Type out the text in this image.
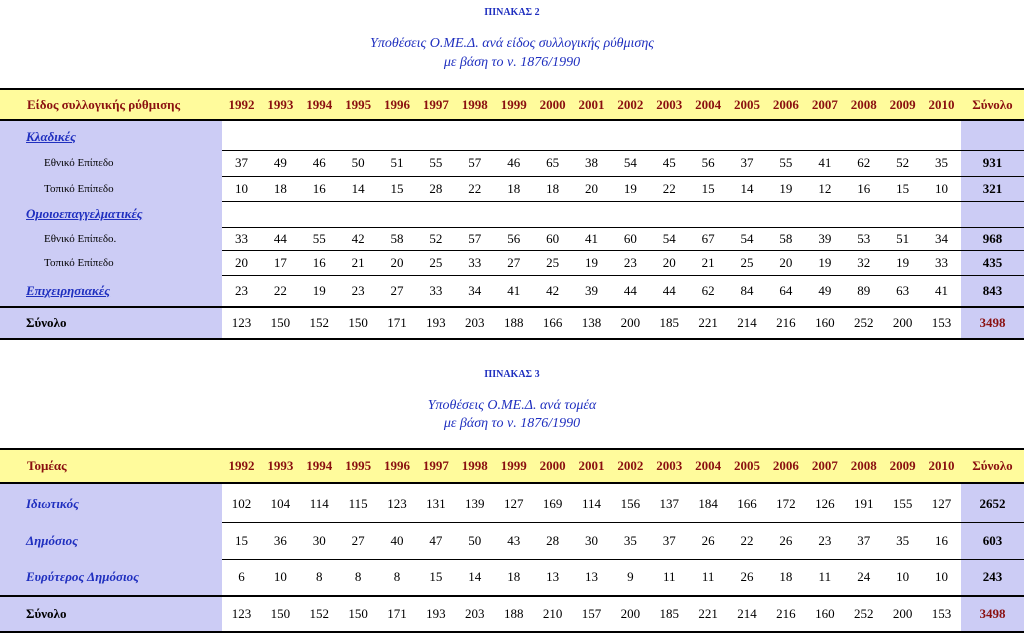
ΠΙΝΑΚΑΣ 2
Υποθέσεις Ο.ΜΕ.Δ. ανά είδος συλλογικής ρύθμισης
με βάση το ν. 1876/1990
Είδος συλλογικής ρύθμισης	1992	1993	1994	1995	1996	1997	1998	1999	2000	2001	2002	2003	2004	2005	2006	2007	2008	2009	2010	Σύνολο

Κλαδικές																				
Εθνικό Επίπεδο	37	49	46	50	51	55	57	46	65	38	54	45	56	37	55	41	62	52	35	931
Τοπικό Επίπεδο	10	18	16	14	15	28	22	18	18	20	19	22	15	14	19	12	16	15	10	321
Ομοιοεπαγγελματικές																				
Εθνικό Επίπεδο.	33	44	55	42	58	52	57	56	60	41	60	54	67	54	58	39	53	51	34	968
Τοπικό Επίπεδο	20	17	16	21	20	25	33	27	25	19	23	20	21	25	20	19	32	19	33	435
Επιχειρησιακές	23	22	19	23	27	33	34	41	42	39	44	44	62	84	64	49	89	63	41	843
Σύνολο	123	150	152	150	171	193	203	188	166	138	200	185	221	214	216	160	252	200	153	3498
ΠΙΝΑΚΑΣ 3
Υποθέσεις Ο.ΜΕ.Δ. ανά τομέα
με βάση το ν. 1876/1990
Τομέας	1992	1993	1994	1995	1996	1997	1998	1999	2000	2001	2002	2003	2004	2005	2006	2007	2008	2009	2010	Σύνολο

Ιδιωτικός	102	104	114	115	123	131	139	127	169	114	156	137	184	166	172	126	191	155	127	2652
Δημόσιος	15	36	30	27	40	47	50	43	28	30	35	37	26	22	26	23	37	35	16	603
Ευρύτερος Δημόσιος	6	10	8	8	8	15	14	18	13	13	9	11	11	26	18	11	24	10	10	243
Σύνολο	123	150	152	150	171	193	203	188	210	157	200	185	221	214	216	160	252	200	153	3498
